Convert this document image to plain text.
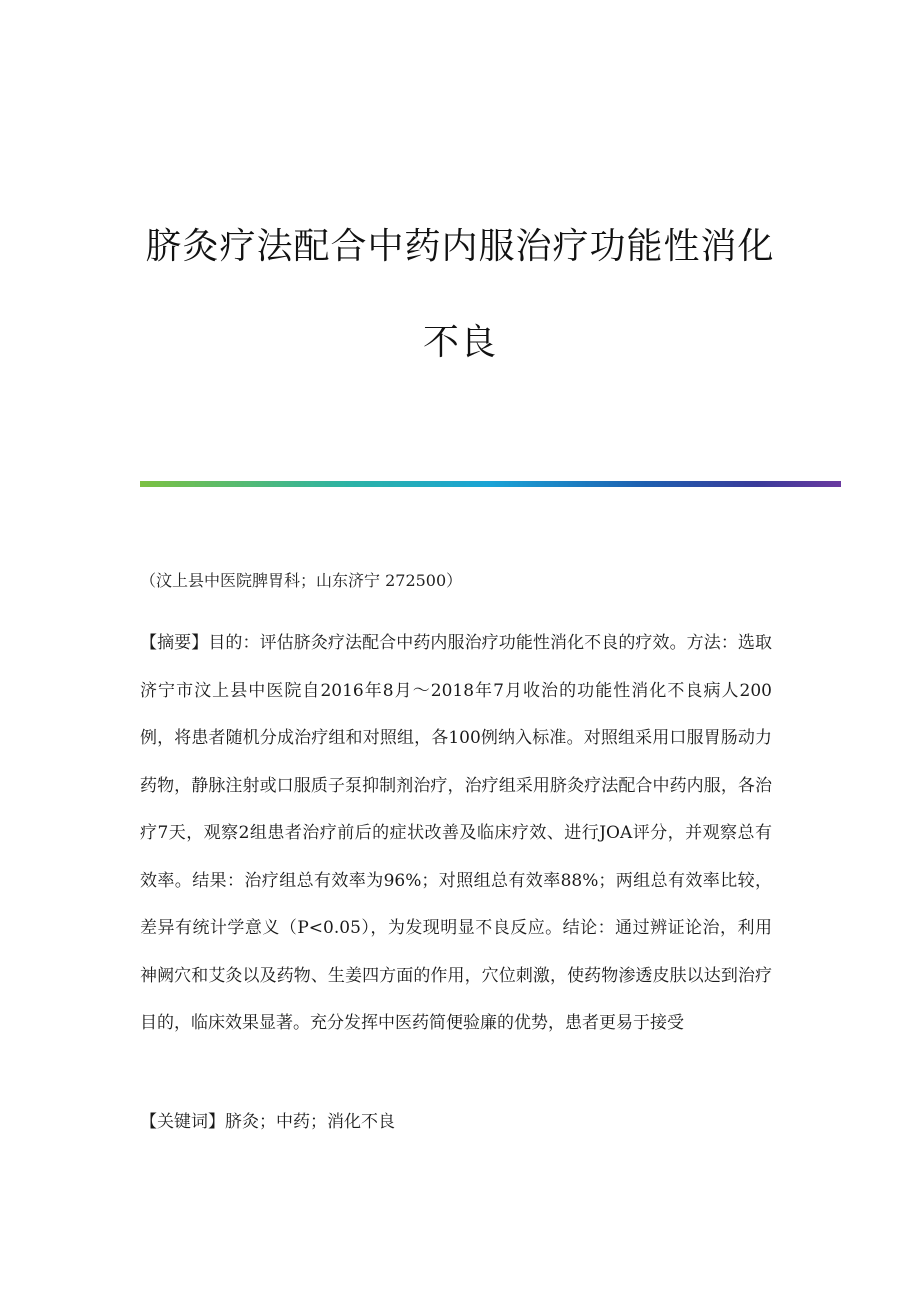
脐灸疗法配合中药内服治疗功能性消化
不良
（汶上县中医院脾胃科；山东济宁 272500）

【摘要】目的：评估脐灸疗法配合中药内服治疗功能性消化不良的疗效。方法：选取济宁市汶上县中医院自2016年8月～2018年7月收治的功能性消化不良病人200例，将患者随机分成治疗组和对照组，各100例纳入标准。对照组采用口服胃肠动力药物，静脉注射或口服质子泵抑制剂治疗，治疗组采用脐灸疗法配合中药内服，各治疗7天，观察2组患者治疗前后的症状改善及临床疗效、进行JOA评分，并观察总有效率。结果：治疗组总有效率为96%；对照组总有效率88%；两组总有效率比较，差异有统计学意义（P<0.05），为发现明显不良反应。结论：通过辨证论治，利用神阙穴和艾灸以及药物、生姜四方面的作用，穴位刺激，使药物渗透皮肤以达到治疗目的，临床效果显著。充分发挥中医药简便验廉的优势，患者更易于接受

【关键词】脐灸；中药；消化不良
